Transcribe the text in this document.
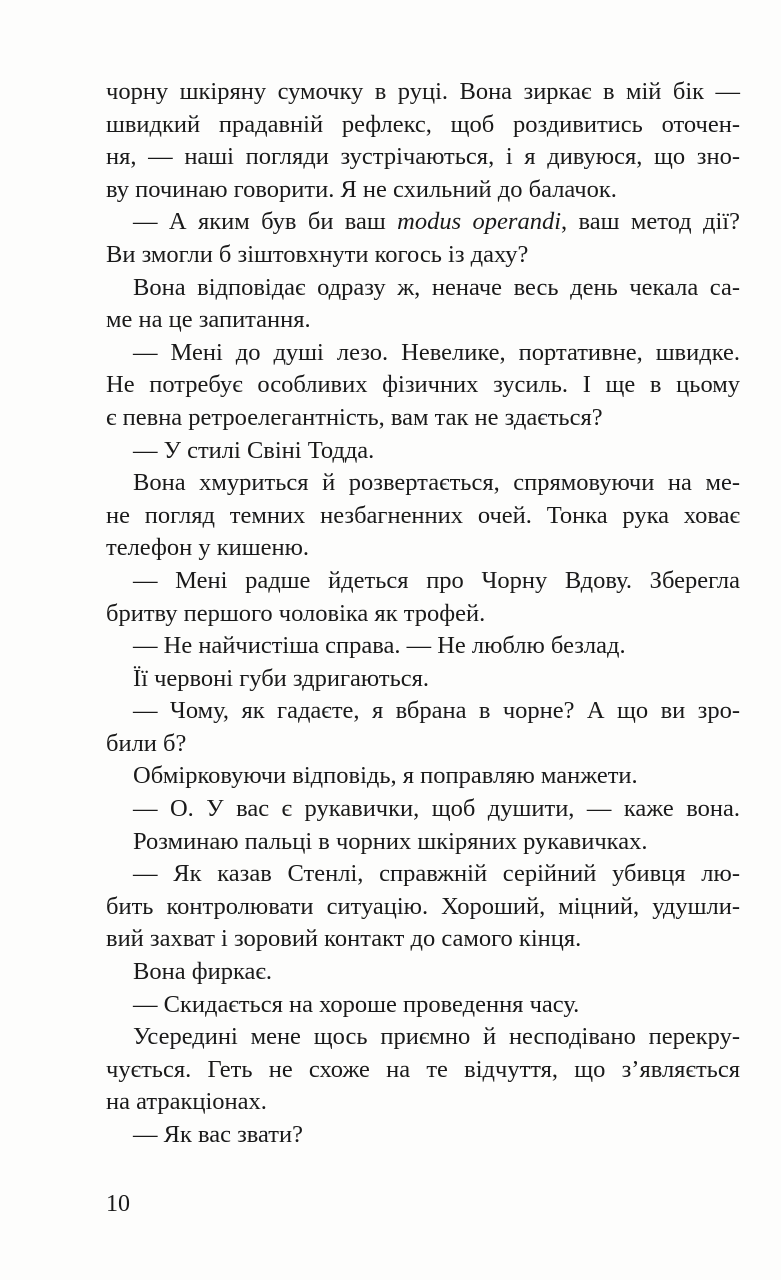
чорну шкіряну сумочку в руці. Вона зиркає в мій бік —
швидкий прадавній рефлекс, щоб роздивитись оточен-
ня, — наші погляди зустрічаються, і я дивуюся, що зно-
ву починаю говорити. Я не схильний до балачок.
— А яким був би ваш modus operandi, ваш метод дії?
Ви змогли б зіштовхнути когось із даху?
Вона відповідає одразу ж, неначе весь день чекала са-
ме на це запитання.
— Мені до душі лезо. Невелике, портативне, швидке.
Не потребує особливих фізичних зусиль. І ще в цьому
є певна ретроелегантність, вам так не здається?
— У стилі Свіні Тодда.
Вона хмуриться й розвертається, спрямовуючи на ме-
не погляд темних незбагненних очей. Тонка рука ховає
телефон у кишеню.
— Мені радше йдеться про Чорну Вдову. Зберегла
бритву першого чоловіка як трофей.
— Не найчистіша справа. — Не люблю безлад.
Її червоні губи здригаються.
— Чому, як гадаєте, я вбрана в чорне? А що ви зро-
били б?
Обмірковуючи відповідь, я поправляю манжети.
— О. У вас є рукавички, щоб душити, — каже вона.
Розминаю пальці в чорних шкіряних рукавичках.
— Як казав Стенлі, справжній серійний убивця лю-
бить контролювати ситуацію. Хороший, міцний, удушли-
вий захват і зоровий контакт до самого кінця.
Вона фиркає.
— Скидається на хороше проведення часу.
Усередині мене щось приємно й несподівано перекру-
чується. Геть не схоже на те відчуття, що з’являється
на атракціонах.
— Як вас звати?
10
